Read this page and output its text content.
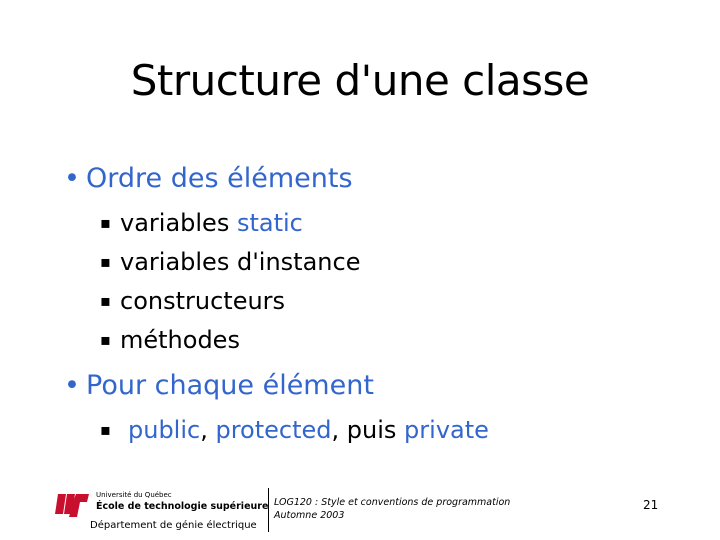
Structure d'une classe
• Ordre des éléments
▪ variables static
▪ variables d'instance
▪ constructeurs
▪ méthodes
• Pour chaque élément
▪ public, protected, puis private
Université du Québec
École de technologie supérieure
Département de génie électrique
LOG120 : Style et conventions de programmation
Automne 2003
21
